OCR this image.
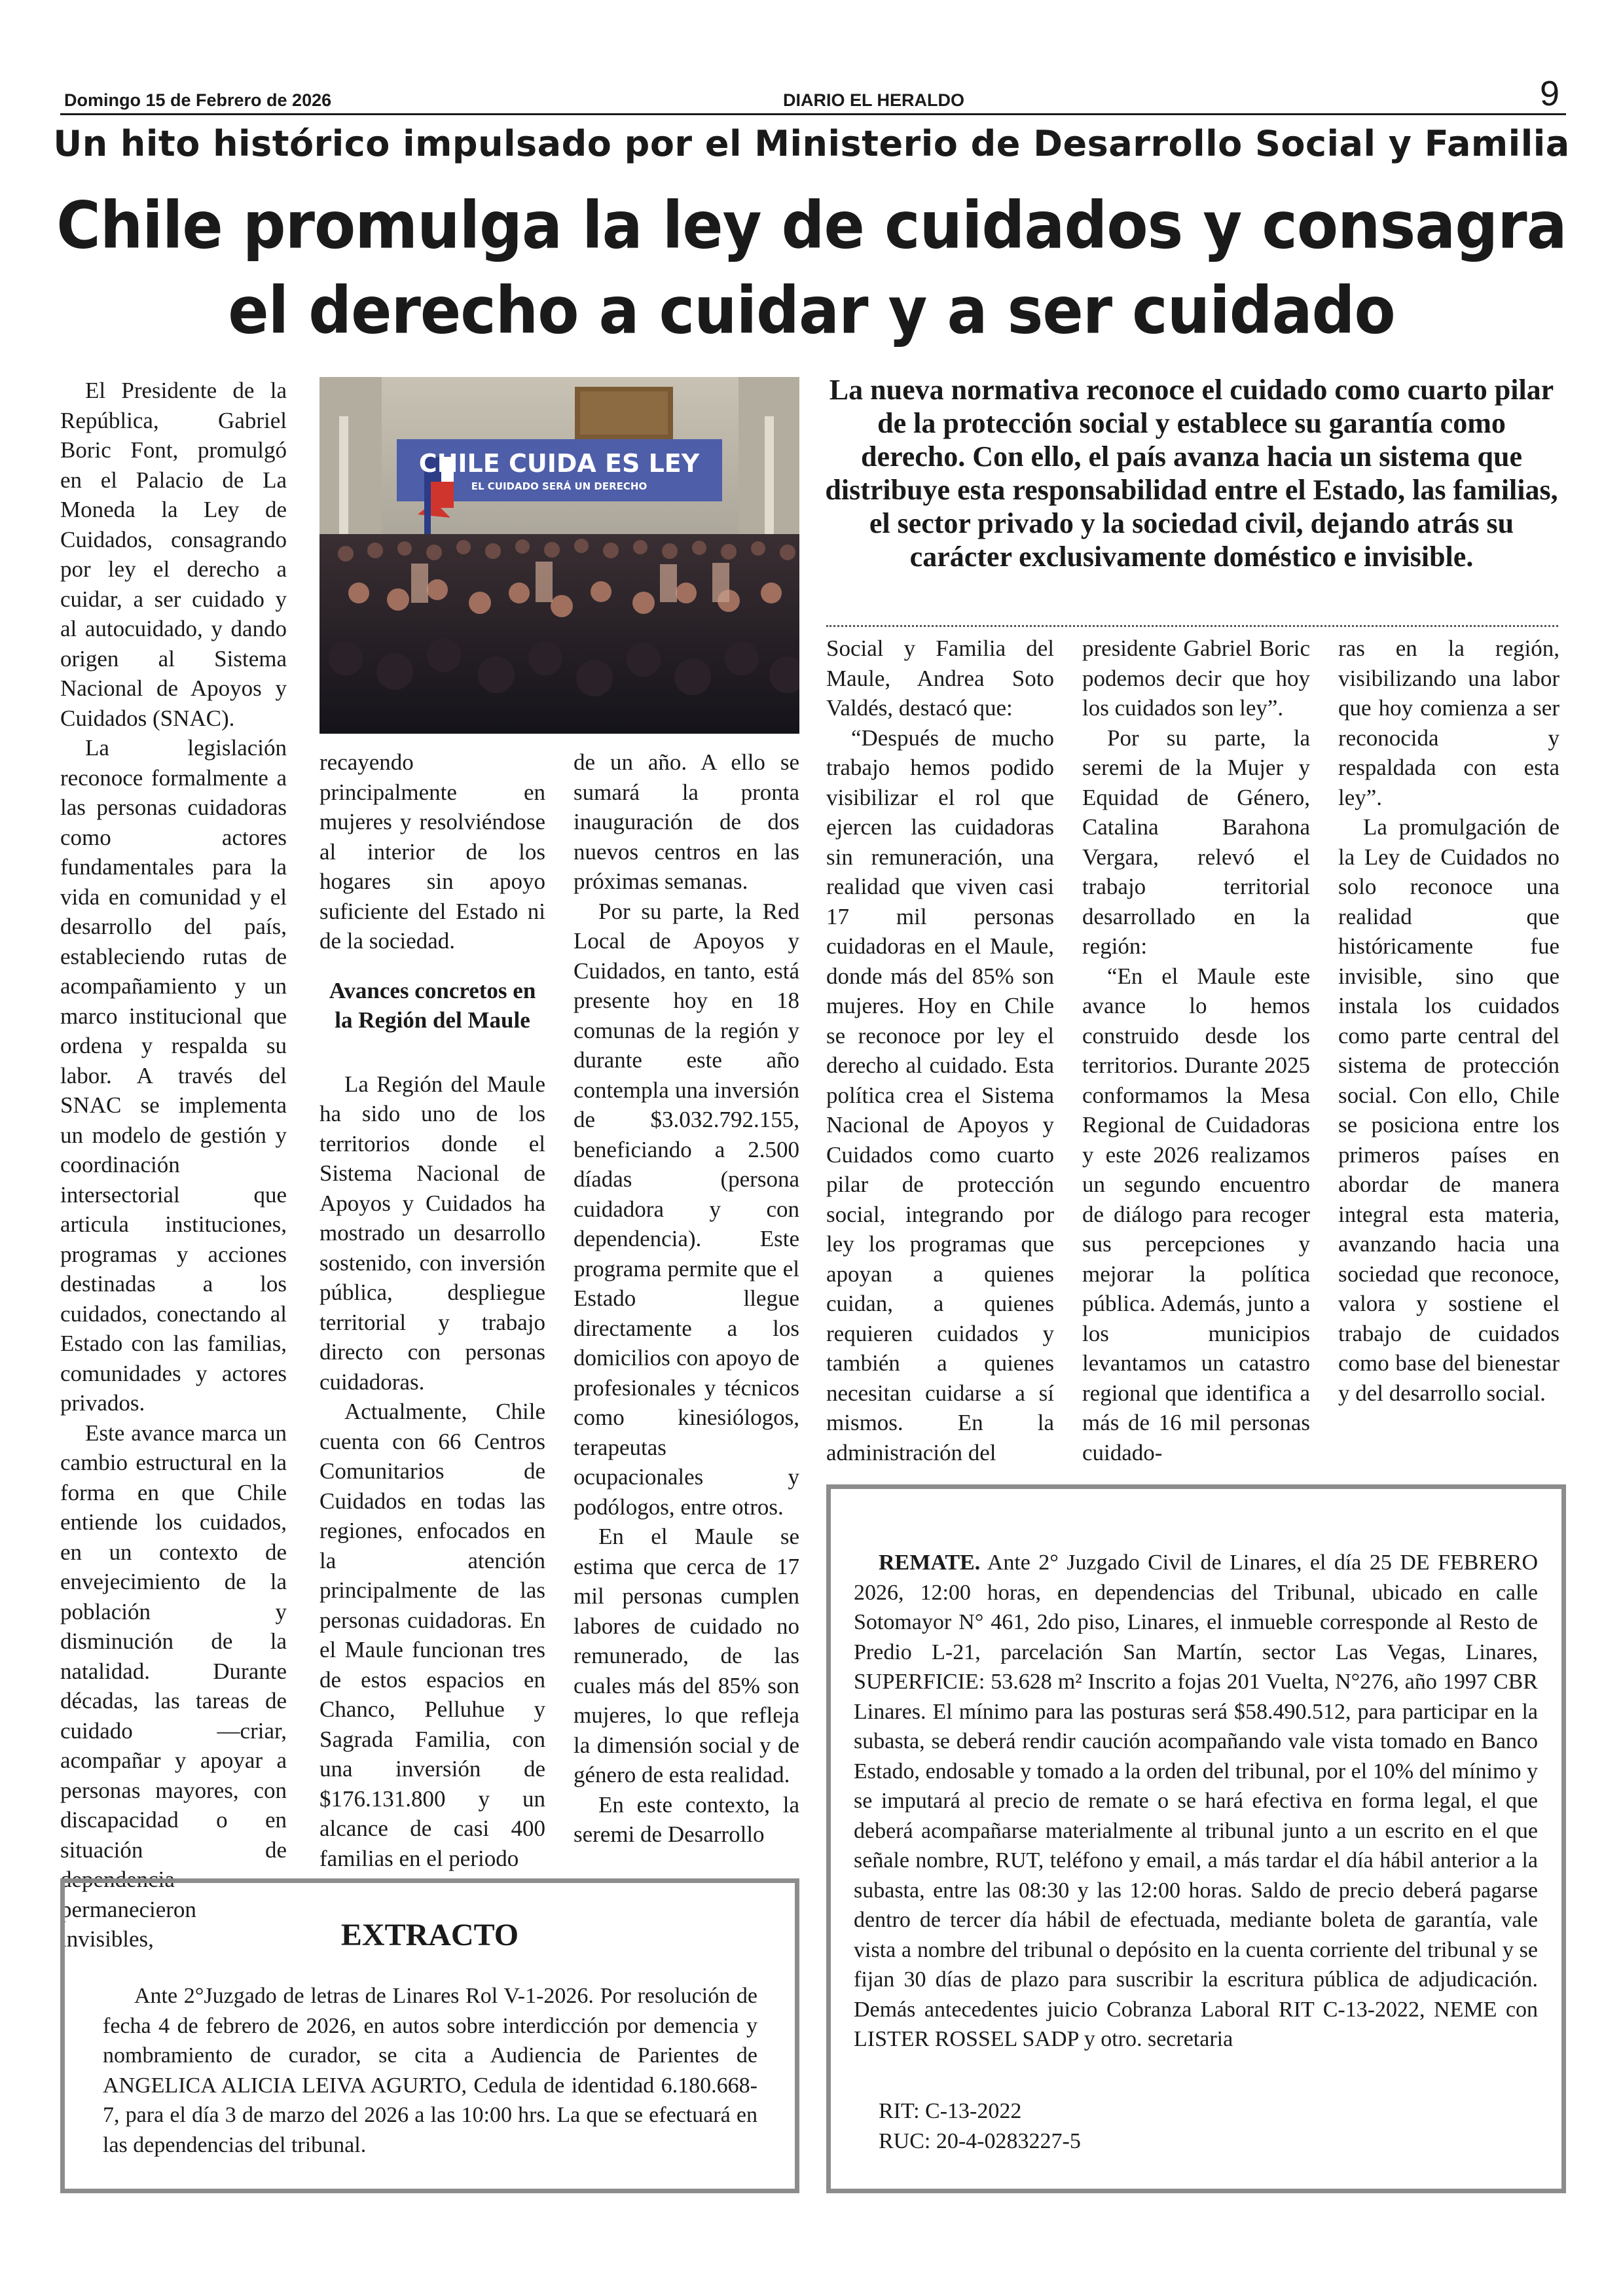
Domingo 15 de Febrero de 2026	DIARIO EL HERALDO	9
Un hito histórico impulsado por el Ministerio de Desarrollo Social y Familia
Chile promulga la ley de cuidados y consagra
el derecho a cuidar y a ser cuidado
CHILE CUIDA ES LEY
EL CUIDADO SERÁ UN DERECHO
La nueva normativa reconoce el cuidado como cuarto pilar de la protección social y establece su garantía como derecho. Con ello, el país avanza hacia un sistema que distribuye esta responsabilidad entre el Estado, las familias, el sector privado y la sociedad civil, dejando atrás su carácter exclusivamente doméstico e invisible.

El Presidente de la República, Gabriel Boric Font, promulgó en el Palacio de La Moneda la Ley de Cuidados, consagrando por ley el derecho a cuidar, a ser cuidado y al autocuidado, y dando origen al Sistema Nacional de Apoyos y Cuidados (SNAC).

La legislación reconoce formalmente a las personas cuidadoras como actores fundamentales para la vida en comunidad y el desarrollo del país, estableciendo rutas de acompañamiento y un marco institucional que ordena y respalda su labor. A través del SNAC se implementa un modelo de gestión y coordinación intersectorial que articula instituciones, programas y acciones destinadas a los cuidados, conectando al Estado con las familias, comunidades y actores privados.

Este avance marca un cambio estructural en la forma en que Chile entiende los cuidados, en un contexto de envejecimiento de la población y disminución de la natalidad. Durante décadas, las tareas de cuidado —criar, acompañar y apoyar a personas mayores, con discapacidad o en situación de dependencia— permanecieron invisibles,

recayendo principalmente en mujeres y resolviéndose al interior de los hogares sin apoyo suficiente del Estado ni de la sociedad.

Avances concretos en la Región del Maule

La Región del Maule ha sido uno de los territorios donde el Sistema Nacional de Apoyos y Cuidados ha mostrado un desarrollo sostenido, con inversión pública, despliegue territorial y trabajo directo con personas cuidadoras.

Actualmente, Chile cuenta con 66 Centros Comunitarios de Cuidados en todas las regiones, enfocados en la atención principalmente de las personas cuidadoras. En el Maule funcionan tres de estos espacios en Chanco, Pelluhue y Sagrada Familia, con una inversión de $176.131.800 y un alcance de casi 400 familias en el periodo

de un año. A ello se sumará la pronta inauguración de dos nuevos centros en las próximas semanas.

Por su parte, la Red Local de Apoyos y Cuidados, en tanto, está presente hoy en 18 comunas de la región y durante este año contempla una inversión de $3.032.792.155, beneficiando a 2.500 díadas (persona cuidadora y con dependencia). Este programa permite que el Estado llegue directamente a los domicilios con apoyo de profesionales y técnicos como kinesiólogos, terapeutas ocupacionales y podólogos, entre otros.

En el Maule se estima que cerca de 17 mil personas cumplen labores de cuidado no remunerado, de las cuales más del 85% son mujeres, lo que refleja la dimensión social y de género de esta realidad.

En este contexto, la seremi de Desarrollo

Social y Familia del Maule, Andrea Soto Valdés, destacó que:

“Después de mucho trabajo hemos podido visibilizar el rol que ejercen las cuidadoras sin remuneración, una realidad que viven casi 17 mil personas cuidadoras en el Maule, donde más del 85% son mujeres. Hoy en Chile se reconoce por ley el derecho al cuidado. Esta política crea el Sistema Nacional de Apoyos y Cuidados como cuarto pilar de protección social, integrando por ley los programas que apoyan a quienes cuidan, a quienes requieren cuidados y también a quienes necesitan cuidarse a sí mismos. En la administración del

presidente Gabriel Boric podemos decir que hoy los cuidados son ley”.

Por su parte, la seremi de la Mujer y Equidad de Género, Catalina Barahona Vergara, relevó el trabajo territorial desarrollado en la región:

“En el Maule este avance lo hemos construido desde los territorios. Durante 2025 conformamos la Mesa Regional de Cuidadoras y este 2026 realizamos un segundo encuentro de diálogo para recoger sus percepciones y mejorar la política pública. Además, junto a los municipios levantamos un catastro regional que identifica a más de 16 mil personas cuidado-

ras en la región, visibilizando una labor que hoy comienza a ser reconocida y respaldada con esta ley”.

La promulgación de la Ley de Cuidados no solo reconoce una realidad que históricamente fue invisible, sino que instala los cuidados como parte central del sistema de protección social. Con ello, Chile se posiciona entre los primeros países en abordar de manera integral esta materia, avanzando hacia una sociedad que reconoce, valora y sostiene el trabajo de cuidados como base del bienestar y del desarrollo social.

REMATE. Ante 2° Juzgado Civil de Linares, el día 25 DE FEBRERO 2026, 12:00 horas, en dependencias del Tribunal, ubicado en calle Sotomayor N° 461, 2do piso, Linares, el inmueble corresponde al Resto de Predio L-21, parcelación San Martín, sector Las Vegas, Linares, SUPERFICIE: 53.628 m² Inscrito a fojas 201 Vuelta, N°276, año 1997 CBR Linares. El mínimo para las posturas será $58.490.512, para participar en la subasta, se deberá rendir caución acompañando vale vista tomado en Banco Estado, endosable y tomado a la orden del tribunal, por el 10% del mínimo y se imputará al precio de remate o se hará efectiva en forma legal, el que deberá acompañarse materialmente al tribunal junto a un escrito en el que señale nombre, RUT, teléfono y email, a más tardar el día hábil anterior a la subasta, entre las 08:30 y las 12:00 horas. Saldo de precio deberá pagarse dentro de tercer día hábil de efectuada, mediante boleta de garantía, vale vista a nombre del tribunal o depósito en la cuenta corriente del tribunal y se fijan 30 días de plazo para suscribir la escritura pública de adjudicación. Demás antecedentes juicio Cobranza Laboral RIT C-13-2022, NEME con LISTER ROSSEL SADP y otro. secretaria
RIT: C-13-2022
RUC: 20-4-0283227-5
EXTRACTO
Ante 2°Juzgado de letras de Linares Rol V-1-2026. Por resolución de fecha 4 de febrero de 2026, en autos sobre interdicción por demencia y nombramiento de curador, se cita a Audiencia de Parientes de ANGELICA ALICIA LEIVA AGURTO, Cedula de identidad 6.180.668-7, para el día 3 de marzo del 2026 a las 10:00 hrs. La que se efectuará en las dependencias del tribunal.
